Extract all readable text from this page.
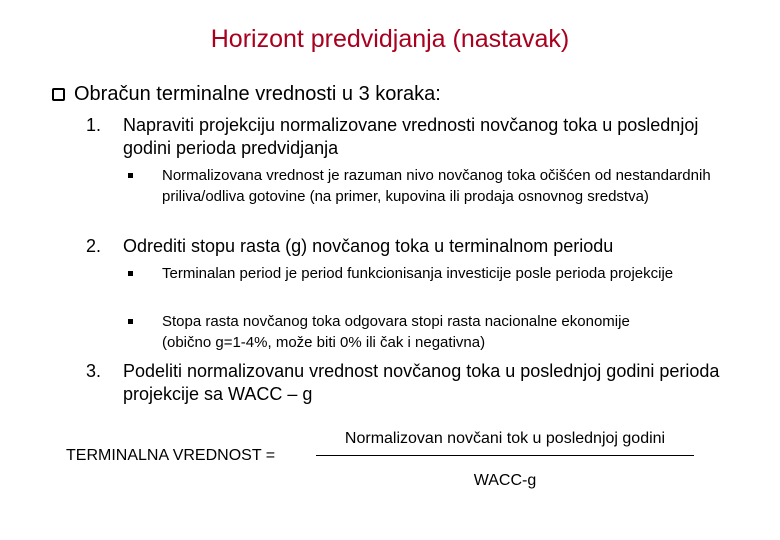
Horizont predvidjanja (nastavak)
Obračun terminalne vrednosti u 3 koraka:
1.	Napraviti projekciju normalizovane vrednosti novčanog toka u poslednjoj godini perioda predvidjanja
Normalizovana vrednost je razuman nivo novčanog toka očišćen od nestandardnih priliva/odliva gotovine (na primer, kupovina ili prodaja osnovnog sredstva)
2.	Odrediti stopu rasta (g) novčanog toka u terminalnom periodu
Terminalan period je period funkcionisanja investicije posle perioda projekcije
Stopa rasta novčanog toka odgovara stopi rasta nacionalne ekonomije (obično g=1-4%, može biti 0% ili čak i negativna)
3.	Podeliti normalizovanu vrednost novčanog toka u poslednjoj godini perioda projekcije sa WACC – g
TERMINALNA VREDNOST =
Normalizovan novčani tok u poslednjoj godini
WACC-g
